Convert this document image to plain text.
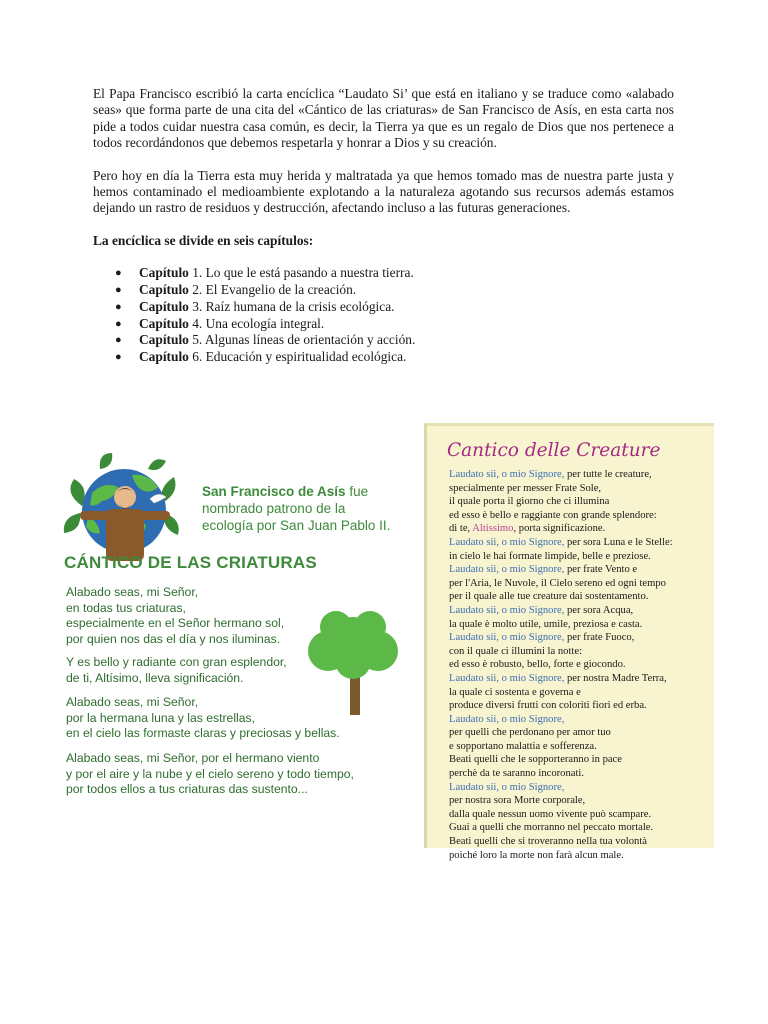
El Papa Francisco escribió la carta encíclica “Laudato Si’ que está en italiano y se traduce como «alabado seas» que forma parte de una cita del «Cántico de las criaturas» de San Francisco de Asís, en esta carta nos pide a todos cuidar nuestra casa común, es decir, la Tierra ya que es un regalo de Dios que nos pertenece a todos recordándonos que debemos respetarla y honrar a Dios y su creación.

Pero hoy en día la Tierra esta muy herida y maltratada ya que hemos tomado mas de nuestra parte justa y hemos contaminado el medioambiente explotando a la naturaleza agotando sus recursos además estamos dejando un rastro de residuos y destrucción, afectando incluso a las futuras generaciones.

La encíclica se divide en seis capítulos:

● Capítulo 1. Lo que le está pasando a nuestra tierra.
● Capítulo 2. El Evangelio de la creación.
● Capítulo 3. Raíz humana de la crisis ecológica.
● Capítulo 4. Una ecología integral.
● Capítulo 5. Algunas líneas de orientación y acción.
● Capítulo 6. Educación y espiritualidad ecológica.
San Francisco de Asís fue
nombrado patrono de la
ecología por San Juan Pablo II.
CÁNTICO DE LAS CRIATURAS
Alabado seas, mi Señor,
en todas tus criaturas,
especialmente en el Señor hermano sol,
por quien nos das el día y nos iluminas.
Y es bello y radiante con gran esplendor,
de ti, Altísimo, lleva significación.
Alabado seas, mi Señor,
por la hermana luna y las estrellas,
en el cielo las formaste claras y preciosas y bellas.
Alabado seas, mi Señor, por el hermano viento
y por el aire y la nube y el cielo sereno y todo tiempo,
por todos ellos a tus criaturas das sustento...
Cantico delle Creature
Laudato sii, o mio Signore, per tutte le creature,
specialmente per messer Frate Sole,
il quale porta il giorno che ci illumina
ed esso è bello e raggiante con grande splendore:
di te, Altissimo, porta significazione.
Laudato sii, o mio Signore, per sora Luna e le Stelle:
in cielo le hai formate limpide, belle e preziose.
Laudato sii, o mio Signore, per frate Vento e
per l'Aria, le Nuvole, il Cielo sereno ed ogni tempo
per il quale alle tue creature dai sostentamento.
Laudato sii, o mio Signore, per sora Acqua,
la quale è molto utile, umile, preziosa e casta.
Laudato sii, o mio Signore, per frate Fuoco,
con il quale ci illumini la notte:
ed esso è robusto, bello, forte e giocondo.
Laudato sii, o mio Signore, per nostra Madre Terra,
la quale ci sostenta e governa e
produce diversi frutti con coloriti fiori ed erba.
Laudato sii, o mio Signore,
per quelli che perdonano per amor tuo
e sopportano malattia e sofferenza.
Beati quelli che le sopporteranno in pace
perchè da te saranno incoronati.
Laudato sii, o mio Signore,
per nostra sora Morte corporale,
dalla quale nessun uomo vivente può scampare.
Guai a quelli che morranno nel peccato mortale.
Beati quelli che si troveranno nella tua volontà
poiché loro la morte non farà alcun male.
